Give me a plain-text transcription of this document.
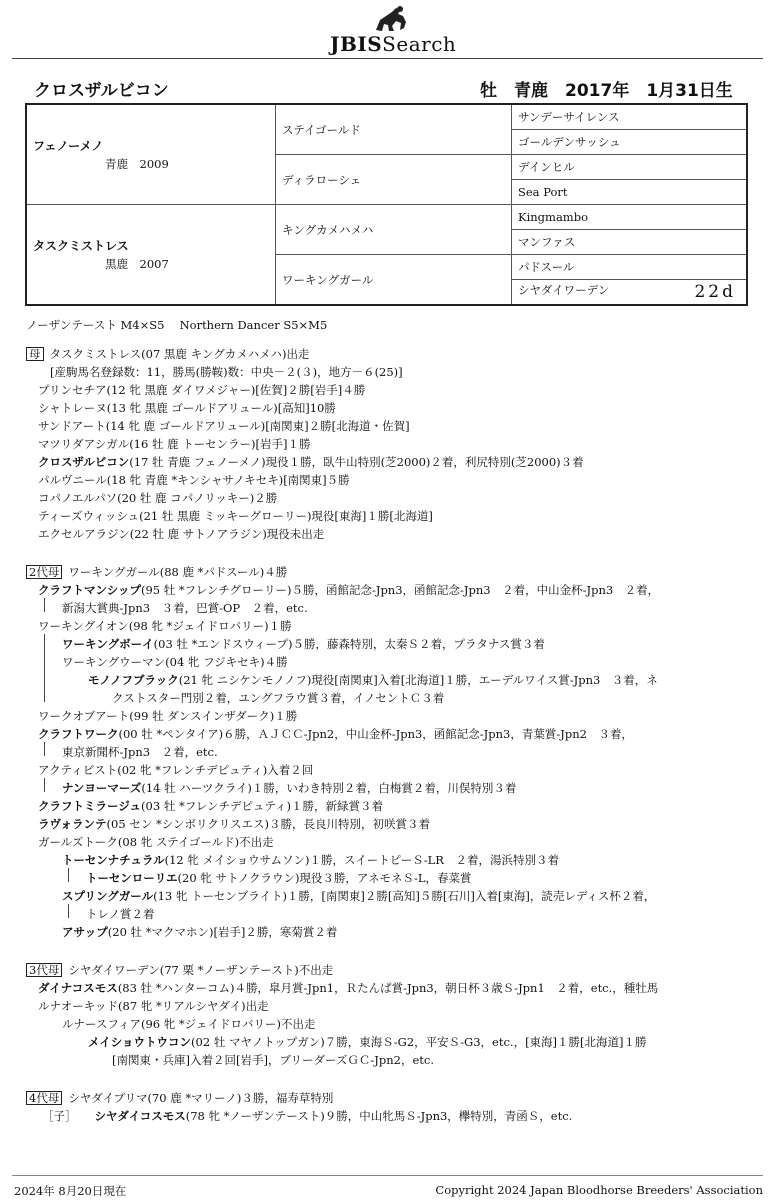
JBISSearch
クロスザルビコン	牡　青鹿　2017年　1月31日生
フェノーメノ
青鹿　2009	ステイゴールド	サンデーサイレンス
		ゴールデンサッシュ
	ディラローシェ	デインヒル
		Sea Port

タスクミストレス
黒鹿　2007	キングカメハメハ	Kingmambo
		マンファス
	ワーキングガール	パドスール
		シヤダイワーデン 22d
ノーザンテースト M4×S5　 Northern Dancer S5×M5
母 タスクミストレス(07 黒鹿 キングカメハメハ)出走
[産駒馬名登録数：11，勝馬(勝鞍)数：中央－２(３)，地方－６(25)]
プリンセチア(12 牝 黒鹿 ダイワメジャー)[佐賀]２勝[岩手]４勝
シャトレーヌ(13 牝 黒鹿 ゴールドアリュール)[高知]10勝
サンドアート(14 牝 鹿 ゴールドアリュール)[南関東]２勝[北海道・佐賀]
マツリダアシガル(16 牡 鹿 トーセンラー)[岩手]１勝
クロスザルビコン(17 牡 青鹿 フェノーメノ)現役１勝，臥牛山特別(芝2000)２着，利尻特別(芝2000)３着
パルヴニール(18 牝 青鹿 *キンシャサノキセキ)[南関東]５勝
コパノエルパソ(20 牡 鹿 コパノリッキー)２勝
ティーズウィッシュ(21 牡 黒鹿 ミッキーグローリー)現役[東海]１勝[北海道]
エクセルアラジン(22 牡 鹿 サトノアラジン)現役未出走
2代母 ワーキングガール(88 鹿 *パドスール)４勝
クラフトマンシップ(95 牡 *フレンチグローリー)５勝，函館記念-Jpn3，函館記念-Jpn3　２着，中山金杯-Jpn3　２着，
新潟大賞典-Jpn3　３着，巴賞-OP　２着，etc.
ワーキングイオン(98 牝 *ジェイドロバリー)１勝
ワーキングボーイ(03 牡 *エンドスウィープ)５勝，藤森特別，太秦Ｓ２着，プラタナス賞３着
ワーキングウーマン(04 牝 フジキセキ)４勝
モノノフブラック(21 牝 ニシケンモノノフ)現役[南関東]入着[北海道]１勝，エーデルワイス賞-Jpn3　３着，ネ
クストスター門別２着，ユングフラウ賞３着，イノセントＣ３着
ワークオブアート(99 牡 ダンスインザダーク)１勝
クラフトワーク(00 牡 *ペンタイア)６勝，ＡＪＣＣ-Jpn2，中山金杯-Jpn3，函館記念-Jpn3，青葉賞-Jpn2　３着，
東京新聞杯-Jpn3　２着，etc.
アクティビスト(02 牝 *フレンチデピュティ)入着２回
ナンヨーマーズ(14 牡 ハーツクライ)１勝，いわき特別２着，白梅賞２着，川俣特別３着
クラフトミラージュ(03 牡 *フレンチデピュティ)１勝，新緑賞３着
ラヴォランテ(05 セン *シンボリクリスエス)３勝，長良川特別，初咲賞３着
ガールズトーク(08 牝 ステイゴールド)不出走
トーセンナチュラル(12 牝 メイショウサムソン)１勝，スイートピーＳ-LR　２着，湯浜特別３着
トーセンローリエ(20 牝 サトノクラウン)現役３勝，アネモネＳ-L，春菜賞
スプリングガール(13 牝 トーセンブライト)１勝，[南関東]２勝[高知]５勝[石川]入着[東海]，読売レディス杯２着，
トレノ賞２着
アサップ(20 牡 *マクマホン)[岩手]２勝，寒菊賞２着
3代母 シヤダイワーデン(77 栗 *ノーザンテースト)不出走
ダイナコスモス(83 牡 *ハンターコム)４勝，皐月賞-Jpn1，Ｒたんぱ賞-Jpn3，朝日杯３歳Ｓ-Jpn1　２着，etc.，種牡馬
ルナオーキッド(87 牝 *リアルシヤダイ)出走
ルナースフィア(96 牝 *ジェイドロバリー)不出走
メイショウトウコン(02 牡 マヤノトップガン)７勝，東海Ｓ-G2，平安Ｓ-G3，etc.，[東海]１勝[北海道]１勝
[南関東・兵庫]入着２回[岩手]，ブリーダーズＧＣ-Jpn2，etc.
4代母 シヤダイプリマ(70 鹿 *マリーノ)３勝，福寿草特別
［子］ シヤダイコスモス(78 牝 *ノーザンテースト)９勝，中山牝馬Ｓ-Jpn3，欅特別，青函Ｓ，etc.
2024年 8月20日現在	Copyright 2024 Japan Bloodhorse Breeders' Association
